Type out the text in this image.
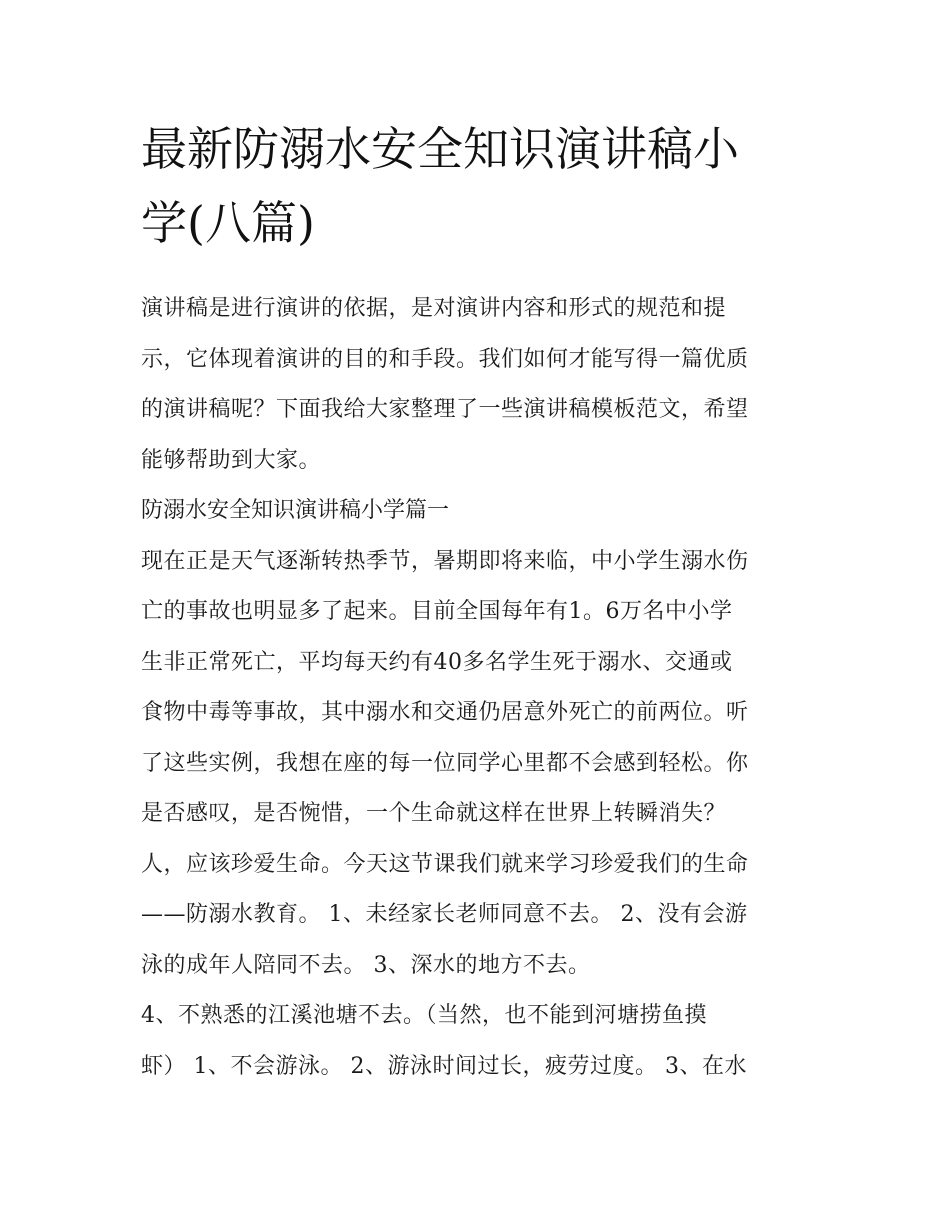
最新防溺水安全知识演讲稿小
学(八篇)

演讲稿是进行演讲的依据，是对演讲内容和形式的规范和提
示，它体现着演讲的目的和手段。我们如何才能写得一篇优质
的演讲稿呢？下面我给大家整理了一些演讲稿模板范文，希望
能够帮助到大家。

防溺水安全知识演讲稿小学篇一

现在正是天气逐渐转热季节，暑期即将来临，中小学生溺水伤
亡的事故也明显多了起来。目前全国每年有1。6万名中小学
生非正常死亡，平均每天约有40多名学生死于溺水、交通或
食物中毒等事故，其中溺水和交通仍居意外死亡的前两位。听
了这些实例，我想在座的每一位同学心里都不会感到轻松。你
是否感叹，是否惋惜，一个生命就这样在世界上转瞬消失？
人，应该珍爱生命。今天这节课我们就来学习珍爱我们的生命
——防溺水教育。 1、未经家长老师同意不去。 2、没有会游
泳的成年人陪同不去。 3、深水的地方不去。

4、不熟悉的江溪池塘不去。（当然，也不能到河塘捞鱼摸
虾） 1、不会游泳。 2、游泳时间过长，疲劳过度。 3、在水
